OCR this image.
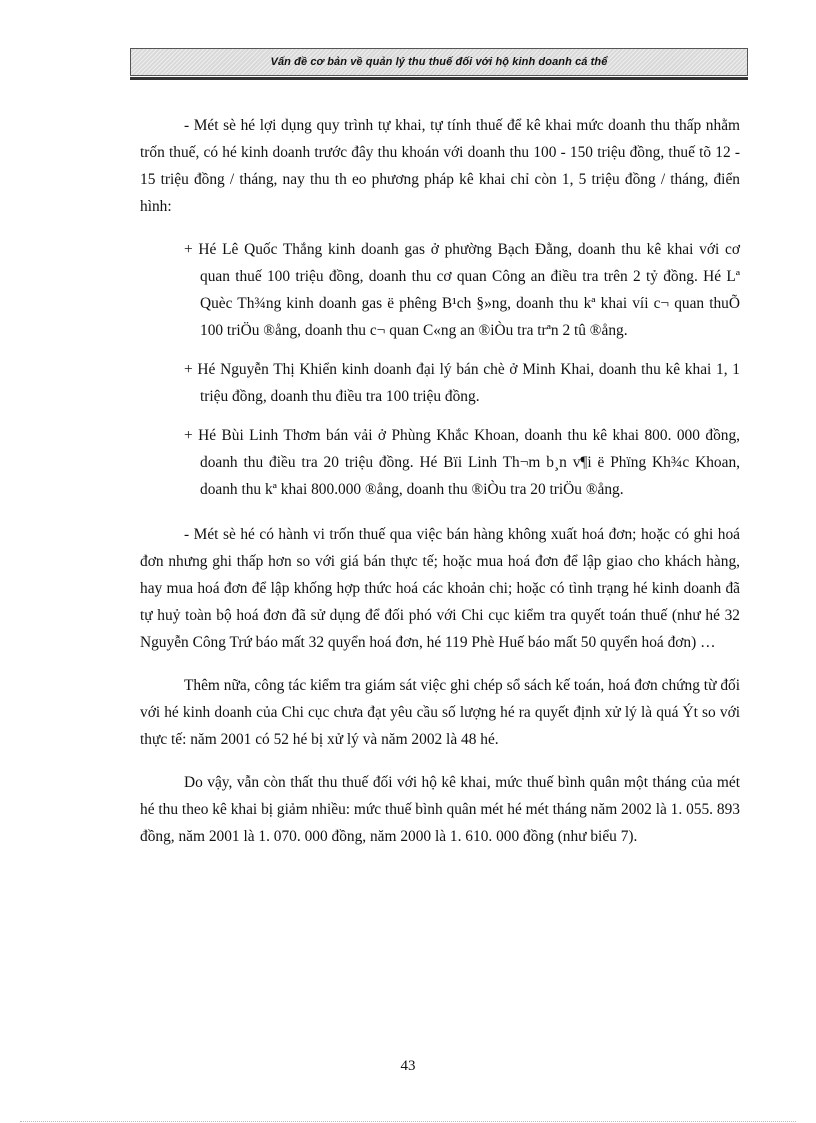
Vấn đề cơ bản về quản lý thu thuế đối với hộ kinh doanh cá thể

- Mét sè hé lợi dụng quy trình tự khai, tự tính thuế để kê khai mức doanh thu thấp nhằm trốn thuế, có hé kinh doanh trước đây thu khoán với doanh thu 100 - 150 triệu đồng, thuế tõ 12 - 15 triệu đồng / tháng, nay thu th eo phương pháp kê khai chỉ còn 1, 5 triệu đồng / tháng, điển hình:

+ Hé Lê Quốc Thắng kinh doanh gas ở phường Bạch Đằng, doanh thu kê khai với cơ quan thuế 100 triệu đồng, doanh thu cơ quan Công an điều tra trên 2 tỷ đồng. Hé Lª Quèc Th¾ng kinh doanh gas ë phêng B¹ch §»ng, doanh thu kª khai víi c¬ quan thuÕ 100 triÖu ®ång, doanh thu c¬ quan C«ng an ®iÒu tra trªn 2 tû ®ång.

+ Hé Nguyễn Thị Khiển kinh doanh đại lý bán chè ở Minh Khai, doanh thu kê khai 1, 1 triệu đồng, doanh thu điều tra 100 triệu đồng.

+ Hé Bùi Linh Thơm bán vải ở Phùng Khắc Khoan, doanh thu kê khai 800. 000 đồng, doanh thu điều tra 20 triệu đồng. Hé Bïi Linh Th¬m b¸n v¶i ë Phïng Kh¾c Khoan, doanh thu kª khai 800.000 ®ång, doanh thu ®iÒu tra 20 triÖu ®ång.

- Mét sè hé có hành vi trốn thuế qua việc bán hàng không xuất hoá đơn; hoặc có ghi hoá đơn nhưng ghi thấp hơn so với giá bán thực tế; hoặc mua hoá đơn để lập giao cho khách hàng, hay mua hoá đơn để lập khống hợp thức hoá các khoản chi; hoặc có tình trạng hé kinh doanh đã tự huỷ toàn bộ hoá đơn đã sử dụng để đối phó với Chi cục kiểm tra quyết toán thuế (như hé 32 Nguyễn Công Trứ báo mất 32 quyển hoá đơn, hé 119 Phè Huế báo mất 50 quyển hoá đơn) …

Thêm nữa, công tác kiểm tra giám sát việc ghi chép sổ sách kế toán, hoá đơn chứng từ đối với hé kinh doanh của Chi cục chưa đạt yêu cầu số lượng hé ra quyết định xử lý là quá Ýt so với thực tế: năm 2001 có 52 hé bị xử lý và năm 2002 là 48 hé.

Do vậy, vẫn còn thất thu thuế đối với hộ kê khai, mức thuế bình quân một tháng của mét hé thu theo kê khai bị giảm nhiều: mức thuế bình quân mét hé mét tháng năm 2002 là 1. 055. 893 đồng, năm 2001 là 1. 070. 000 đồng, năm 2000 là 1. 610. 000 đồng (như biểu 7).

43
